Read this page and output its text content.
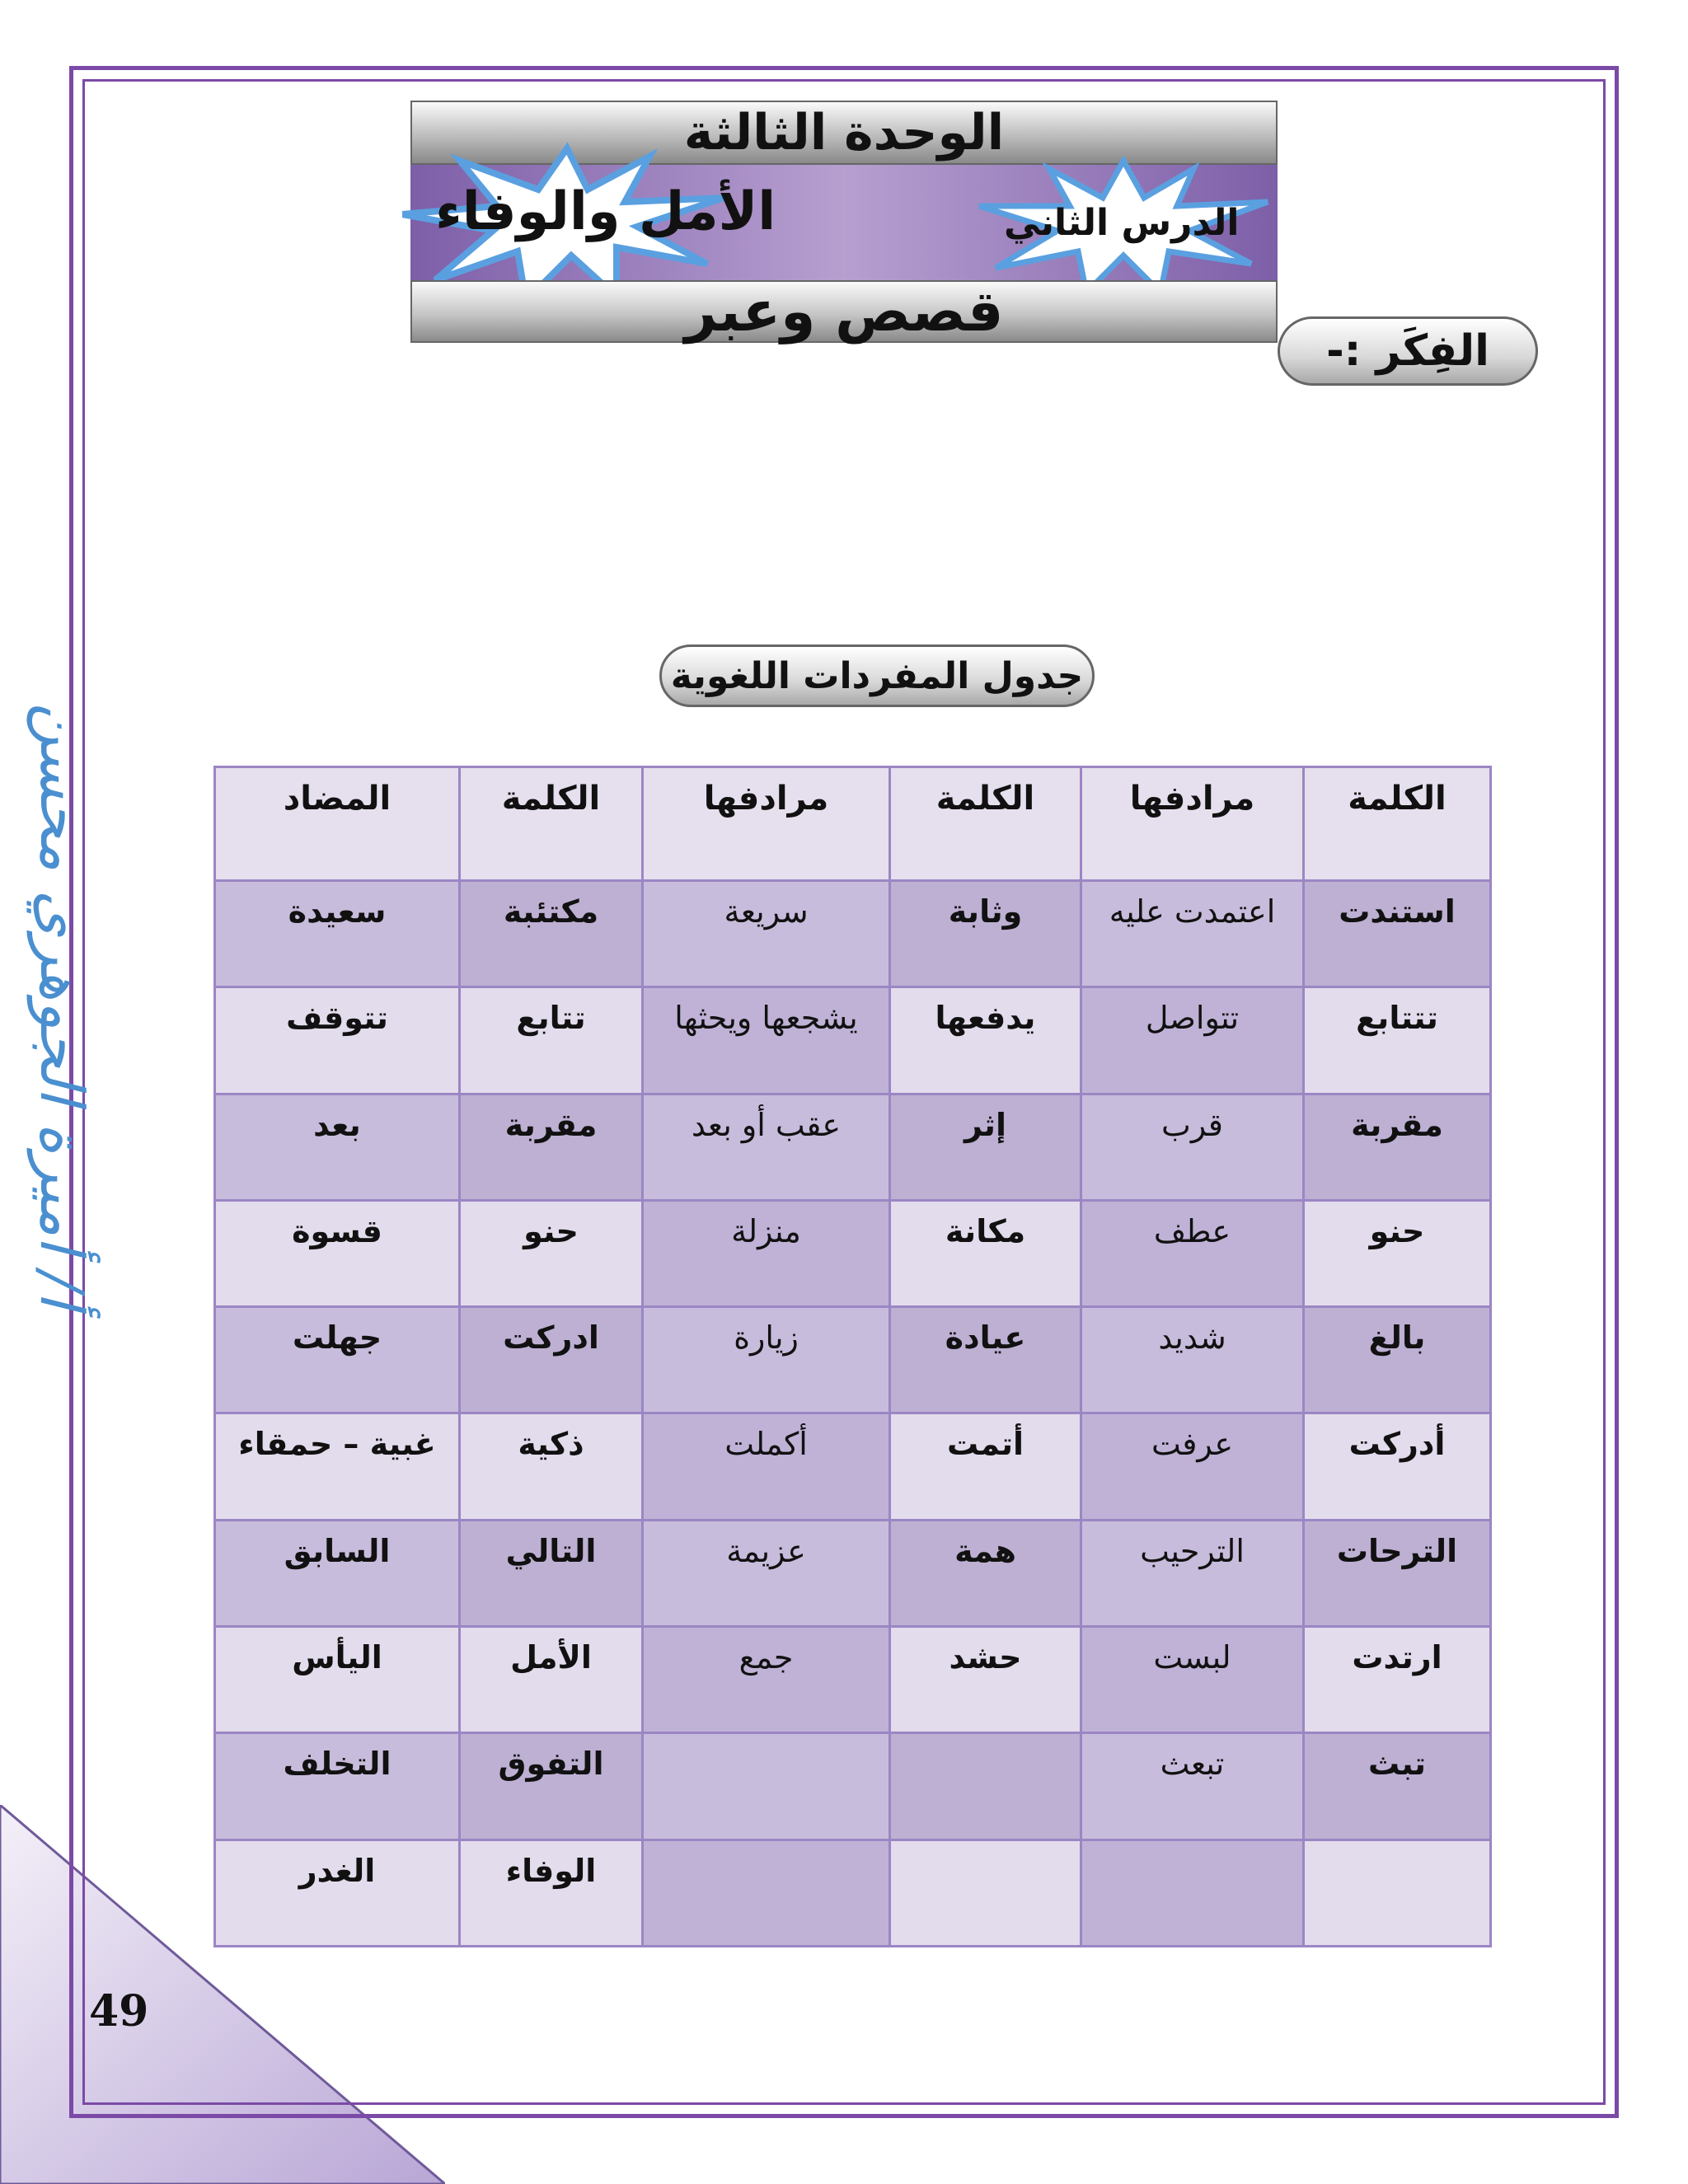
أ/ أميرة الجوهري محسن
الوحدة الثالثة
الأمل والوفاء	الدرس الثاني
قصص وعبر
الفِكَر :-
جدول المفردات اللغوية
الكلمة	مرادفها	الكلمة	مرادفها	الكلمة	المضاد
استندت	اعتمدت عليه	وثابة	سريعة	مكتئبة	سعيدة
تتتابع	تتواصل	يدفعها	يشجعها ويحثها	تتابع	تتوقف
مقربة	قرب	إثر	عقب أو بعد	مقربة	بعد
حنو	عطف	مكانة	منزلة	حنو	قسوة
بالغ	شديد	عيادة	زيارة	ادركت	جهلت
أدركت	عرفت	أتمت	أكملت	ذكية	غبية – حمقاء
الترحات	الترحيب	همة	عزيمة	التالي	السابق
ارتدت	لبست	حشد	جمع	الأمل	اليأس
تبث	تبعث			التفوق	التخلف
				الوفاء	الغدر
49
